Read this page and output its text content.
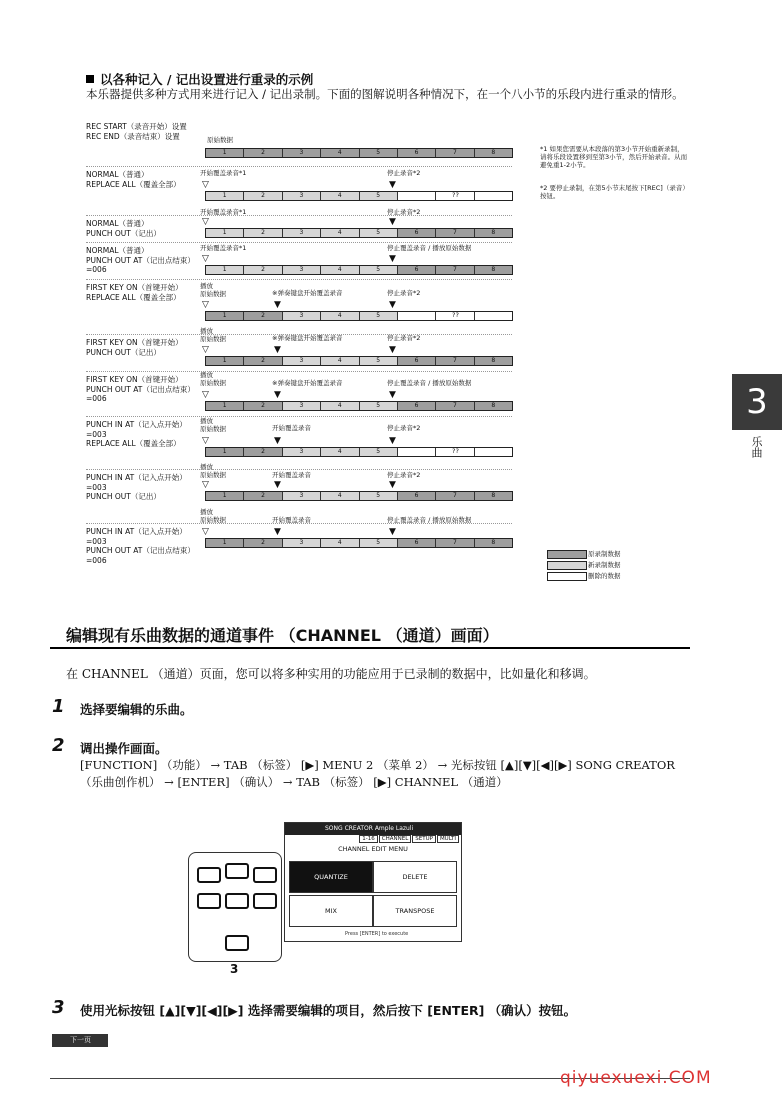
以各种记入 / 记出设置进行重录的示例
本乐器提供多种方式用来进行记入 / 记出录制。下面的图解说明各种情况下，在一个八小节的乐段内进行重录的情形。
REC START（录音开始）设置
REC END（录音结束）设置	原始数据
1	2	3	4	5	6	7	8
NORMAL（普通）
REPLACE ALL（覆盖全部）
开始覆盖录音*1
▽
停止录音*2
▼
1	2	3	4	5	??
NORMAL（普通）
PUNCH OUT（记出）
开始覆盖录音*1
▽
停止录音*2
▼
1	2	3	4	5	6	7	8
NORMAL（普通）
PUNCH OUT AT（记出点结束）=006
开始覆盖录音*1
▽
停止覆盖录音 / 播放原始数据
▼
1	2	3	4	5	6	7	8
FIRST KEY ON（首键开始）
REPLACE ALL（覆盖全部）
播放
原始数据
▽
※弹奏键盘开始覆盖录音
▼
停止录音*2
▼
1	2	3	4	5	??
FIRST KEY ON（首键开始）
PUNCH OUT（记出）
播放
原始数据
▽
※弹奏键盘开始覆盖录音
▼
停止录音*2
▼
1	2	3	4	5	6	7	8
FIRST KEY ON（首键开始）
PUNCH OUT AT（记出点结束）=006
播放
原始数据
▽
※弹奏键盘开始覆盖录音
▼
停止覆盖录音 / 播放原始数据
▼
1	2	3	4	5	6	7	8
PUNCH IN AT（记入点开始）=003
REPLACE ALL（覆盖全部）
播放
原始数据
▽
开始覆盖录音
▼
停止录音*2
▼
1	2	3	4	5	??
PUNCH IN AT（记入点开始）=003
PUNCH OUT（记出）
播放
原始数据
▽
开始覆盖录音
▼
停止录音*2
▼
1	2	3	4	5	6	7	8
PUNCH IN AT（记入点开始）=003
PUNCH OUT AT（记出点结束）=006
播放
原始数据
▽
开始覆盖录音
▼
停止覆盖录音 / 播放原始数据
▼
1	2	3	4	5	6	7	8
*1 如果您需要从本段落的第3小节开始重新录制，请将乐段设置移到至第3小节，然后开始录音。从而避免重1-2小节。
*2 要停止录制，在第5小节末尾按下[REC]（录音）按钮。
原录制数据
新录制数据
删除的数据
3
乐曲
编辑现有乐曲数据的通道事件 （CHANNEL （通道）画面）
在 CHANNEL （通道）页面，您可以将多种实用的功能应用于已录制的数据中，比如量化和移调。
1 选择要编辑的乐曲。
2 调出操作画面。
[FUNCTION] （功能） → TAB （标签） [▶] MENU 2 （菜单 2） → 光标按钮 [▲][▼][◀][▶] SONG CREATOR （乐曲创作机） → [ENTER] （确认） → TAB （标签） [▶] CHANNEL （通道）
3
SONG CREATOR Ample Lazuli
1-16	CHANNEL	SETUP	MULTI
CHANNEL EDIT MENU
QUANTIZE	DELETE
MIX	TRANSPOSE
Press [ENTER] to execute
3 使用光标按钮 [▲][▼][◀][▶] 选择需要编辑的项目，然后按下 [ENTER] （确认）按钮。
下一页
qiyuexuexi.COM
